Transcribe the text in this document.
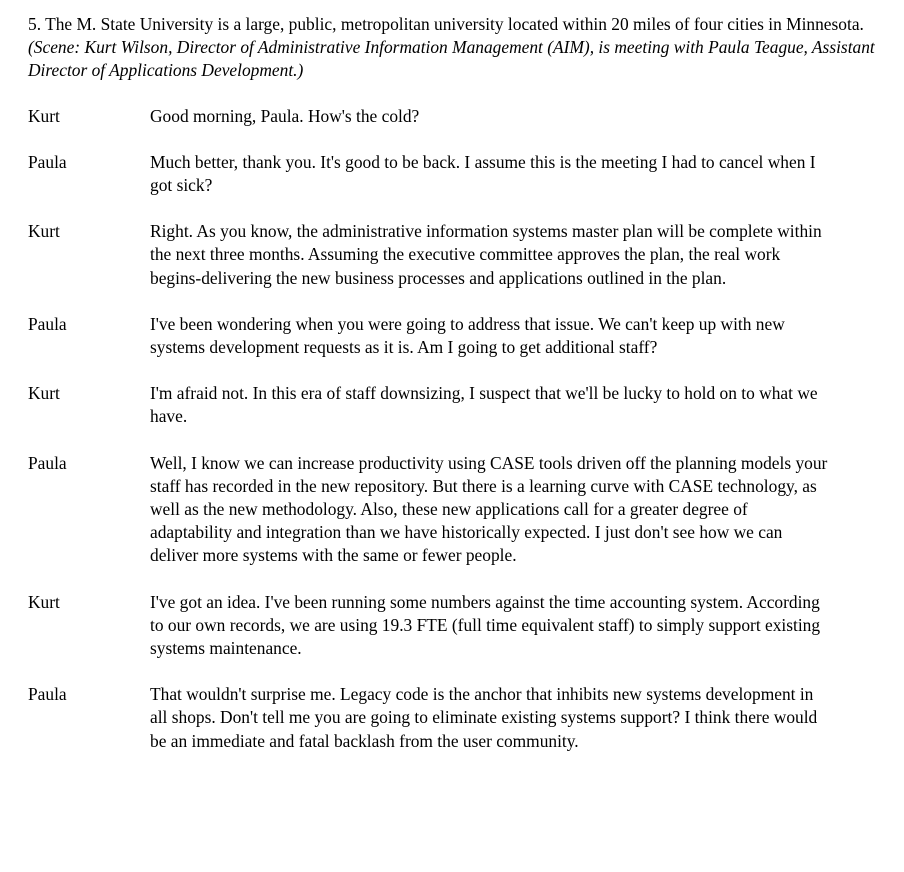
5. The M. State University is a large, public, metropolitan university located within 20 miles of four cities in Minnesota. (Scene: Kurt Wilson, Director of Administrative Information Management (AIM), is meeting with Paula Teague, Assistant Director of Applications Development.)

Kurt	Good morning, Paula. How's the cold?
Paula	Much better, thank you. It's good to be back. I assume this is the meeting I had to cancel when I got sick?
Kurt	Right. As you know, the administrative information systems master plan will be complete within the next three months. Assuming the executive committee approves the plan, the real work begins-delivering the new business processes and applications outlined in the plan.
Paula	I've been wondering when you were going to address that issue. We can't keep up with new systems development requests as it is. Am I going to get additional staff?
Kurt	I'm afraid not. In this era of staff downsizing, I suspect that we'll be lucky to hold on to what we have.
Paula	Well, I know we can increase productivity using CASE tools driven off the planning models your staff has recorded in the new repository. But there is a learning curve with CASE technology, as well as the new methodology. Also, these new applications call for a greater degree of adaptability and integration than we have historically expected. I just don't see how we can deliver more systems with the same or fewer people.
Kurt	I've got an idea. I've been running some numbers against the time accounting system. According to our own records, we are using 19.3 FTE (full time equivalent staff) to simply support existing systems maintenance.
Paula	That wouldn't surprise me. Legacy code is the anchor that inhibits new systems development in all shops. Don't tell me you are going to eliminate existing systems support? I think there would be an immediate and fatal backlash from the user community.
